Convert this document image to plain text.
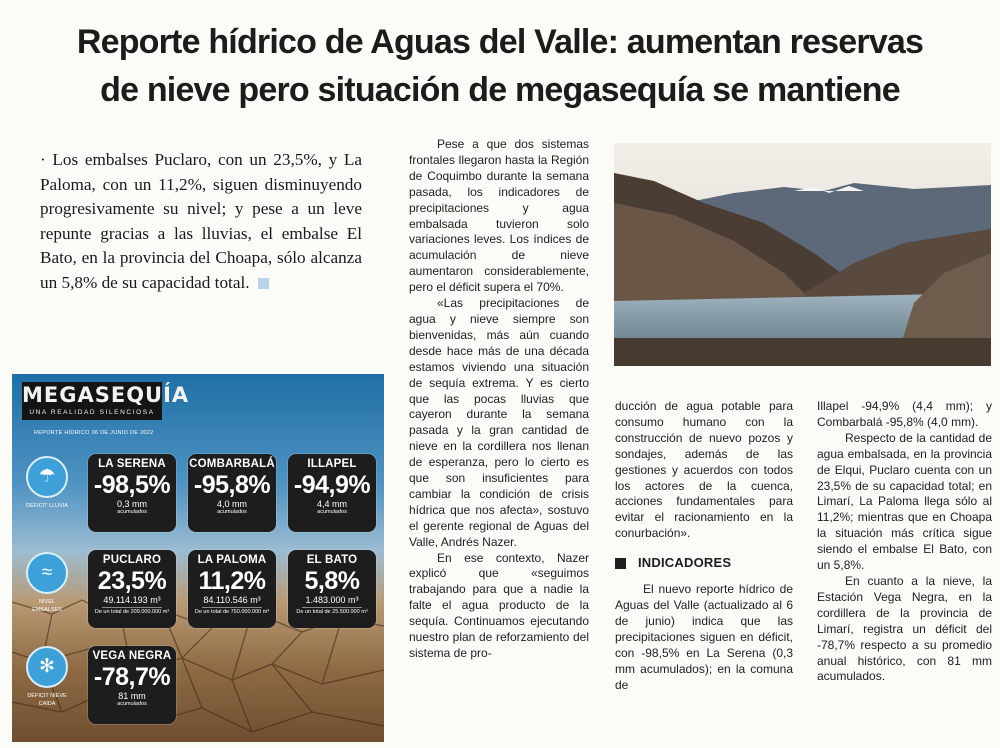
Reporte hídrico de Aguas del Valle: aumentan reservas
de nieve pero situación de megasequía se mantiene

· Los embalses Puclaro, con un 23,5%, y La Paloma, con un 11,2%, siguen disminuyendo progresivamente su nivel; y pese a un leve repunte gracias a las lluvias, el embalse El Bato, en la provincia del Choapa, sólo alcanza un 5,8% de su capacidad total.

MEGASEQUÍA
UNA REALIDAD SILENCIOSA
REPORTE HÍDRICO 06 DE JUNIO DE 2022
☂
DÉFICIT LLUVIA
≈
NIVEL EMBALSES
✻
DÉFICIT NIEVE CAÍDA
LA SERENA
-98,5%
0,3 mm
acumulados
COMBARBALÁ
-95,8%
4,0 mm
acumulados
ILLAPEL
-94,9%
4,4 mm
acumulados
PUCLARO
23,5%
49.114.193 m³
De un total de 209.000.000 m³
LA PALOMA
11,2%
84.110.546 m³
De un total de 750.000.000 m³
EL BATO
5,8%
1.483.000 m³
De un total de 25.500.000 m³
VEGA NEGRA
-78,7%
81 mm
acumulados

Pese a que dos sistemas frontales llegaron hasta la Región de Coquimbo durante la semana pasada, los indicadores de precipitaciones y agua embalsada tuvieron solo variaciones leves. Los índices de acumulación de nieve aumentaron considerablemente, pero el déficit supera el 70%.

«Las precipitaciones de agua y nieve siempre son bienvenidas, más aún cuando desde hace más de una década estamos viviendo una situación de sequía extrema. Y es cierto que las pocas lluvias que cayeron durante la semana pasada y la gran cantidad de nieve en la cordillera nos llenan de esperanza, pero lo cierto es que son insuficientes para cambiar la condición de crisis hídrica que nos afecta», sostuvo el gerente regional de Aguas del Valle, Andrés Nazer.

En ese contexto, Nazer explicó que «seguimos trabajando para que a nadie la falte el agua producto de la sequía. Continuamos ejecutando nuestro plan de reforzamiento del sistema de pro-

ducción de agua potable para consumo humano con la construcción de nuevo pozos y sondajes, además de las gestiones y acuerdos con todos los actores de la cuenca, acciones fundamentales para evitar el racionamiento en la conurbación».

INDICADORES

El nuevo reporte hídrico de Aguas del Valle (actualizado al 6 de junio) indica que las precipitaciones siguen en déficit, con -98,5% en La Serena (0,3 mm acumulados); en la comuna de

Illapel -94,9% (4,4 mm); y Combarbalá -95,8% (4,0 mm).

Respecto de la cantidad de agua embalsada, en la provincia de Elqui, Puclaro cuenta con un 23,5% de su capacidad total; en Limarí, La Paloma llega sólo al 11,2%; mientras que en Choapa la situación más crítica sigue siendo el embalse El Bato, con un 5,8%.

En cuanto a la nieve, la Estación Vega Negra, en la cordillera de la provincia de Limarí, registra un déficit del -78,7% respecto a su promedio anual histórico, con 81 mm acumulados.
